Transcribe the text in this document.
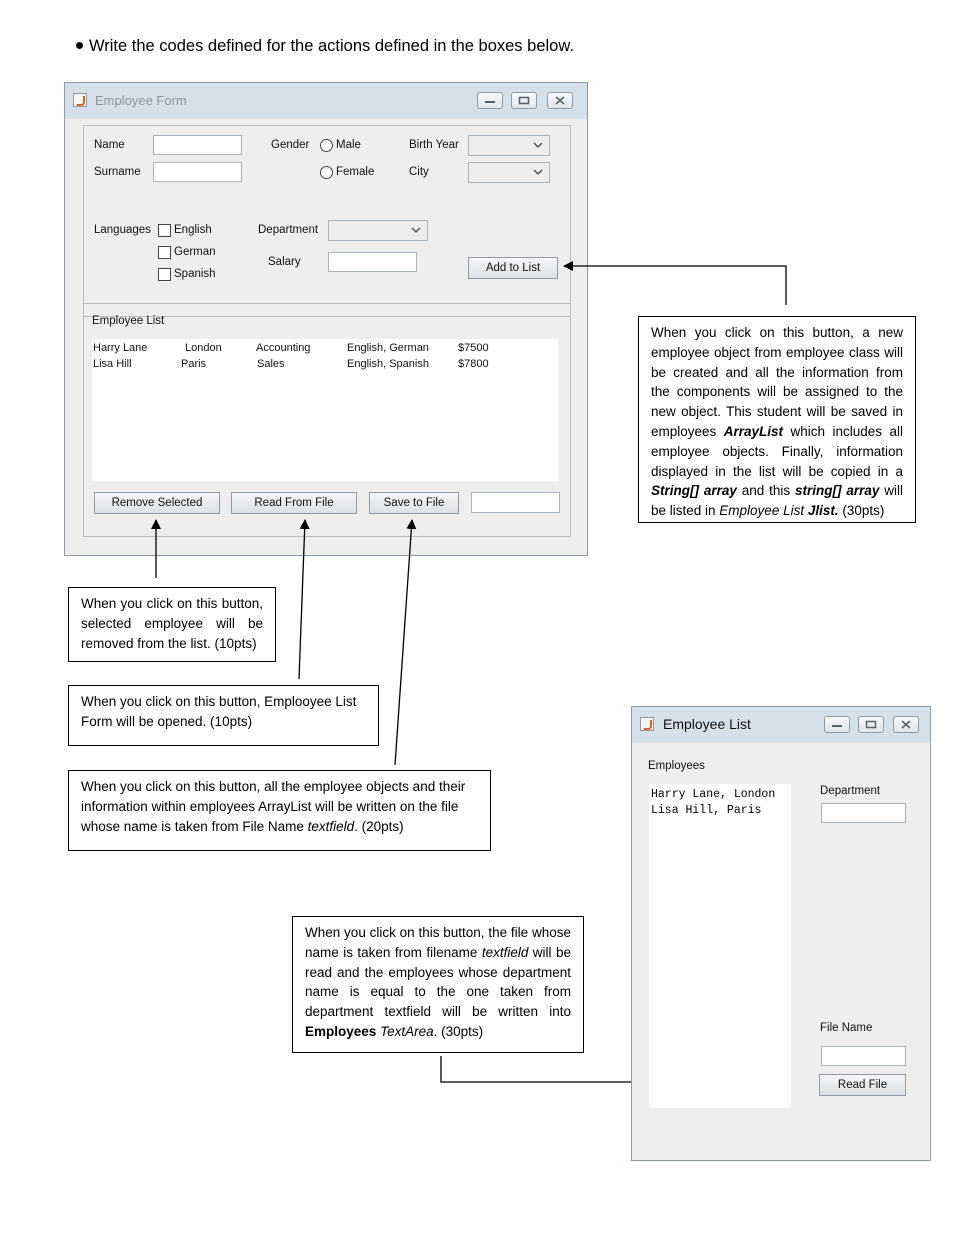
Write the codes defined for the actions defined in the boxes below.
Employee Form
Name
Surname
Gender Male
Female
Birth Year
City
Languages English
German
Spanish
Department
Salary	Add to List
Employee List
Harry Lane	London	Accounting	English, German	$7500
Lisa Hill	Paris	Sales	English, Spanish	$7800
Remove Selected	Read From File	Save to File
When you click on this button, a new employee object from employee class will be created and all the information from the components will be assigned to the new object. This student will be saved in employees ArrayList which includes all employee objects. Finally, information displayed in the list will be copied in a String[] array and this string[] array will be listed in Employee List Jlist. (30pts)
When you click on this button, selected employee will be removed from the list. (10pts)
When you click on this button, Emplooyee List Form will be opened. (10pts)
When you click on this button, all the employee objects and their information within employees ArrayList will be written on the file whose name is taken from File Name textfield. (20pts)
When you click on this button, the file whose name is taken from filename textfield will be read and the employees whose department name is equal to the one taken from department textfield will be written into Employees TextArea. (30pts)
Employee List
Employees
Harry Lane, London
Lisa Hill, Paris
Department
File Name
Read File
